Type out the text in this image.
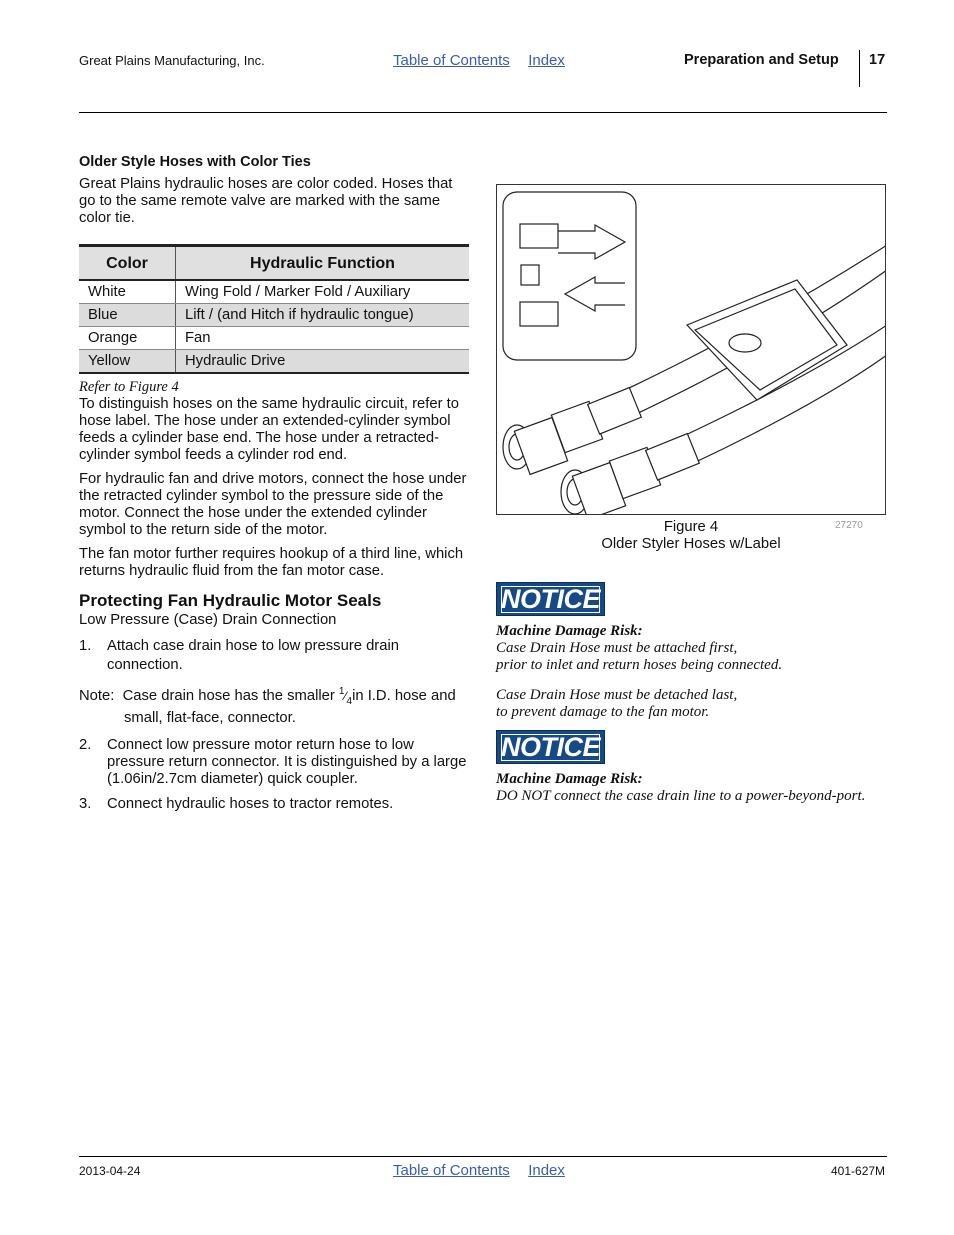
Great Plains Manufacturing, Inc.	Table of Contents Index	Preparation and Setup 17
Older Style Hoses with Color Ties

Great Plains hydraulic hoses are color coded. Hoses that go to the same remote valve are marked with the same color tie.

Color	Hydraulic Function
White	Wing Fold / Marker Fold / Auxiliary
Blue	Lift / (and Hitch if hydraulic tongue)
Orange	Fan
Yellow	Hydraulic Drive
Refer to Figure 4

To distinguish hoses on the same hydraulic circuit, refer to hose label. The hose under an extended-cylinder symbol feeds a cylinder base end. The hose under a retracted-cylinder symbol feeds a cylinder rod end.

For hydraulic fan and drive motors, connect the hose under the retracted cylinder symbol to the pressure side of the motor. Connect the hose under the extended cylinder symbol to the return side of the motor.

The fan motor further requires hookup of a third line, which returns hydraulic fluid from the fan motor case.

Protecting Fan Hydraulic Motor Seals
Low Pressure (Case) Drain Connection
1. Attach case drain hose to low pressure drain connection.
Note: Case drain hose has the smaller $^1⁄_4in$ I.D. hose and small, flat-face, connector.
2. Connect low pressure motor return hose to low pressure return connector. It is distinguished by a large (1.06in/2.7cm diameter) quick coupler.
3. Connect hydraulic hoses to tractor remotes.
Figure 4
Older Styler Hoses w/Label
27270
NOTICE
Machine Damage Risk:
Case Drain Hose must be attached first,
prior to inlet and return hoses being connected.
Case Drain Hose must be detached last,
to prevent damage to the fan motor.
NOTICE
Machine Damage Risk:
DO NOT connect the case drain line to a power-beyond-port.
2013-04-24	Table of Contents Index	401-627M
